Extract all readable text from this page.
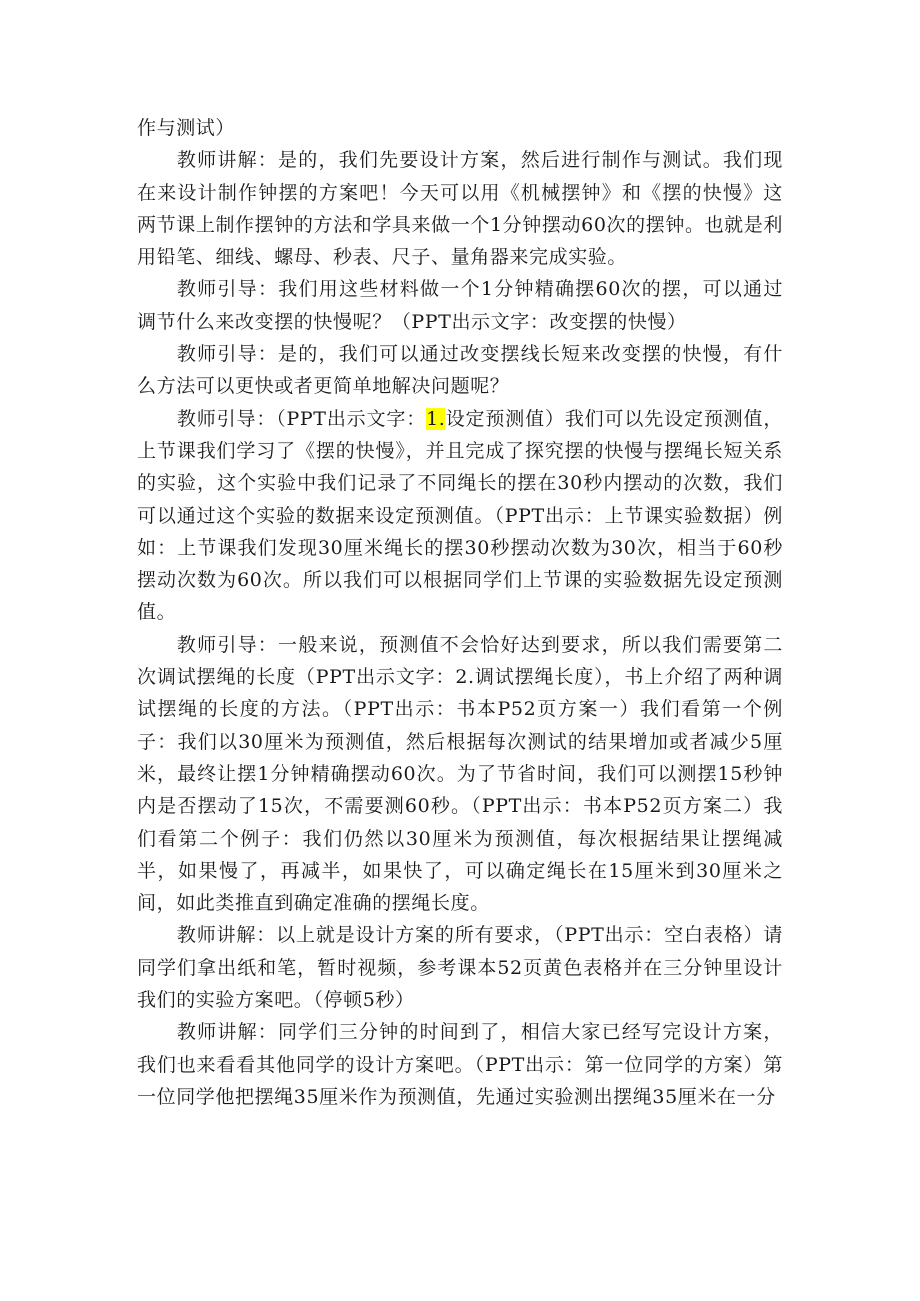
作与测试）

教师讲解：是的，我们先要设计方案，然后进行制作与测试。我们现在来设计制作钟摆的方案吧！今天可以用《机械摆钟》和《摆的快慢》这两节课上制作摆钟的方法和学具来做一个1分钟摆动60次的摆钟。也就是利用铅笔、细线、螺母、秒表、尺子、量角器来完成实验。

教师引导：我们用这些材料做一个1分钟精确摆60次的摆，可以通过调节什么来改变摆的快慢呢？（PPT出示文字：改变摆的快慢）

教师引导：是的，我们可以通过改变摆线长短来改变摆的快慢，有什么方法可以更快或者更简单地解决问题呢？

教师引导：（PPT出示文字：1.设定预测值）我们可以先设定预测值，上节课我们学习了《摆的快慢》，并且完成了探究摆的快慢与摆绳长短关系的实验，这个实验中我们记录了不同绳长的摆在30秒内摆动的次数，我们可以通过这个实验的数据来设定预测值。（PPT出示：上节课实验数据）例如：上节课我们发现30厘米绳长的摆30秒摆动次数为30次，相当于60秒摆动次数为60次。所以我们可以根据同学们上节课的实验数据先设定预测值。

教师引导：一般来说，预测值不会恰好达到要求，所以我们需要第二次调试摆绳的长度（PPT出示文字：2.调试摆绳长度），书上介绍了两种调试摆绳的长度的方法。（PPT出示：书本P52页方案一）我们看第一个例子：我们以30厘米为预测值，然后根据每次测试的结果增加或者减少5厘米，最终让摆1分钟精确摆动60次。为了节省时间，我们可以测摆15秒钟内是否摆动了15次，不需要测60秒。（PPT出示：书本P52页方案二）我们看第二个例子：我们仍然以30厘米为预测值，每次根据结果让摆绳减半，如果慢了，再减半，如果快了，可以确定绳长在15厘米到30厘米之间，如此类推直到确定准确的摆绳长度。

教师讲解：以上就是设计方案的所有要求，（PPT出示：空白表格）请同学们拿出纸和笔，暂时视频，参考课本52页黄色表格并在三分钟里设计我们的实验方案吧。（停顿5秒）

教师讲解：同学们三分钟的时间到了，相信大家已经写完设计方案，我们也来看看其他同学的设计方案吧。（PPT出示：第一位同学的方案）第一位同学他把摆绳35厘米作为预测值，先通过实验测出摆绳35厘米在一分
